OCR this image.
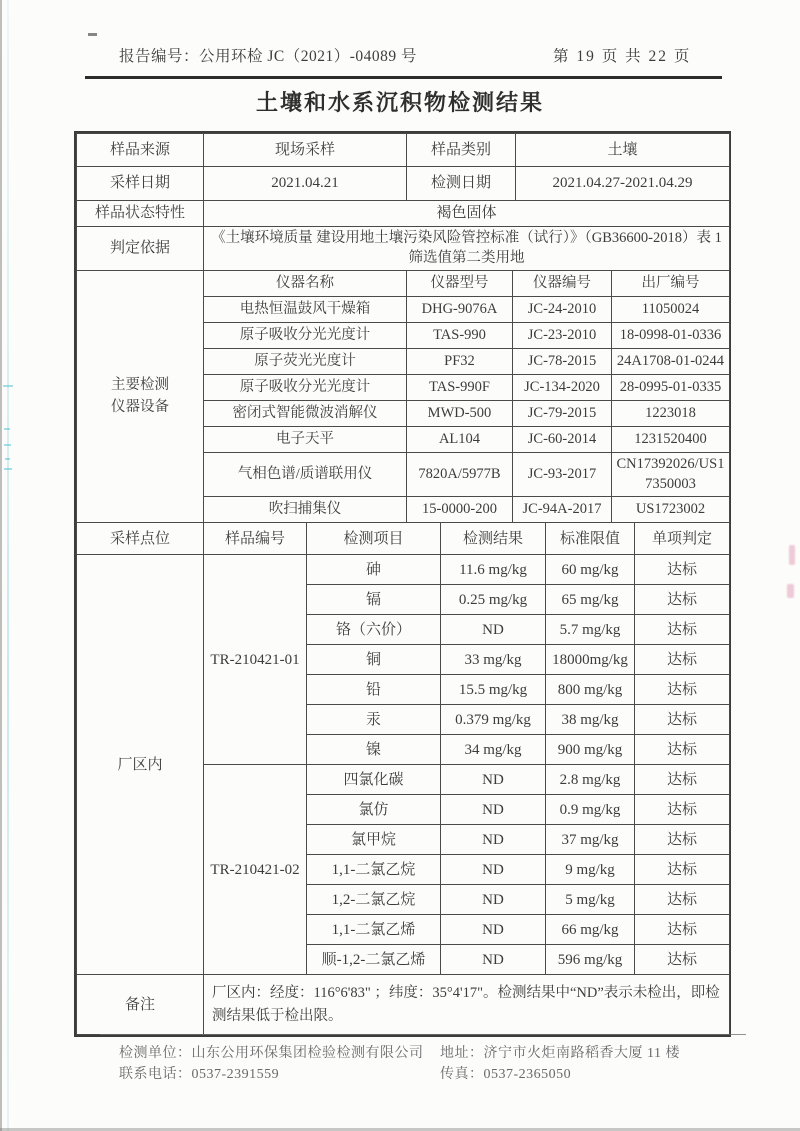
报告编号：公用环检 JC（2021）-04089 号	第 19 页 共 22 页
土壤和水系沉积物检测结果
样品来源	现场采样	样品类别	土壤
采样日期	2021.04.21	检测日期	2021.04.27-2021.04.29
样品状态特性	褐色固体		
判定依据	《土壤环境质量 建设用地土壤污染风险管控标准（试行）》（GB36600-2018）表 1筛选值第二类用地		
主要检测
仪器设备	仪器名称	仪器型号	仪器编号	出厂编号
	电热恒温鼓风干燥箱	DHG-9076A	JC-24-2010	11050024
	原子吸收分光光度计	TAS-990	JC-23-2010	18-0998-01-0336
	原子荧光光度计	PF32	JC-78-2015	24A1708-01-0244
	原子吸收分光光度计	TAS-990F	JC-134-2020	28-0995-01-0335
	密闭式智能微波消解仪	MWD-500	JC-79-2015	1223018
	电子天平	AL104	JC-60-2014	1231520400
	气相色谱/质谱联用仪	7820A/5977B	JC-93-2017	CN17392026/US17350003
	吹扫捕集仪	15-0000-200	JC-94A-2017	US1723002
采样点位	样品编号	检测项目	检测结果	标准限值	单项判定
厂区内	TR-210421-01	砷	11.6 mg/kg	60 mg/kg	达标
		镉	0.25 mg/kg	65 mg/kg	达标
		铬（六价）	ND	5.7 mg/kg	达标
		铜	33 mg/kg	18000mg/kg	达标
		铅	15.5 mg/kg	800 mg/kg	达标
		汞	0.379 mg/kg	38 mg/kg	达标
		镍	34 mg/kg	900 mg/kg	达标
	TR-210421-02	四氯化碳	ND	2.8 mg/kg	达标
		氯仿	ND	0.9 mg/kg	达标
		氯甲烷	ND	37 mg/kg	达标
		1,1-二氯乙烷	ND	9 mg/kg	达标
		1,2-二氯乙烷	ND	5 mg/kg	达标
		1,1-二氯乙烯	ND	66 mg/kg	达标
		顺-1,2-二氯乙烯	ND	596 mg/kg	达标
备注	厂区内：经度：116°6'83" ；纬度：35°4'17"。检测结果中“ND”表示未检出，即检测结果低于检出限。
检测单位：山东公用环保集团检验检测有限公司 地址：济宁市火炬南路稻香大厦 11 楼
联系电话：0537-2391559	传真：0537-2365050
